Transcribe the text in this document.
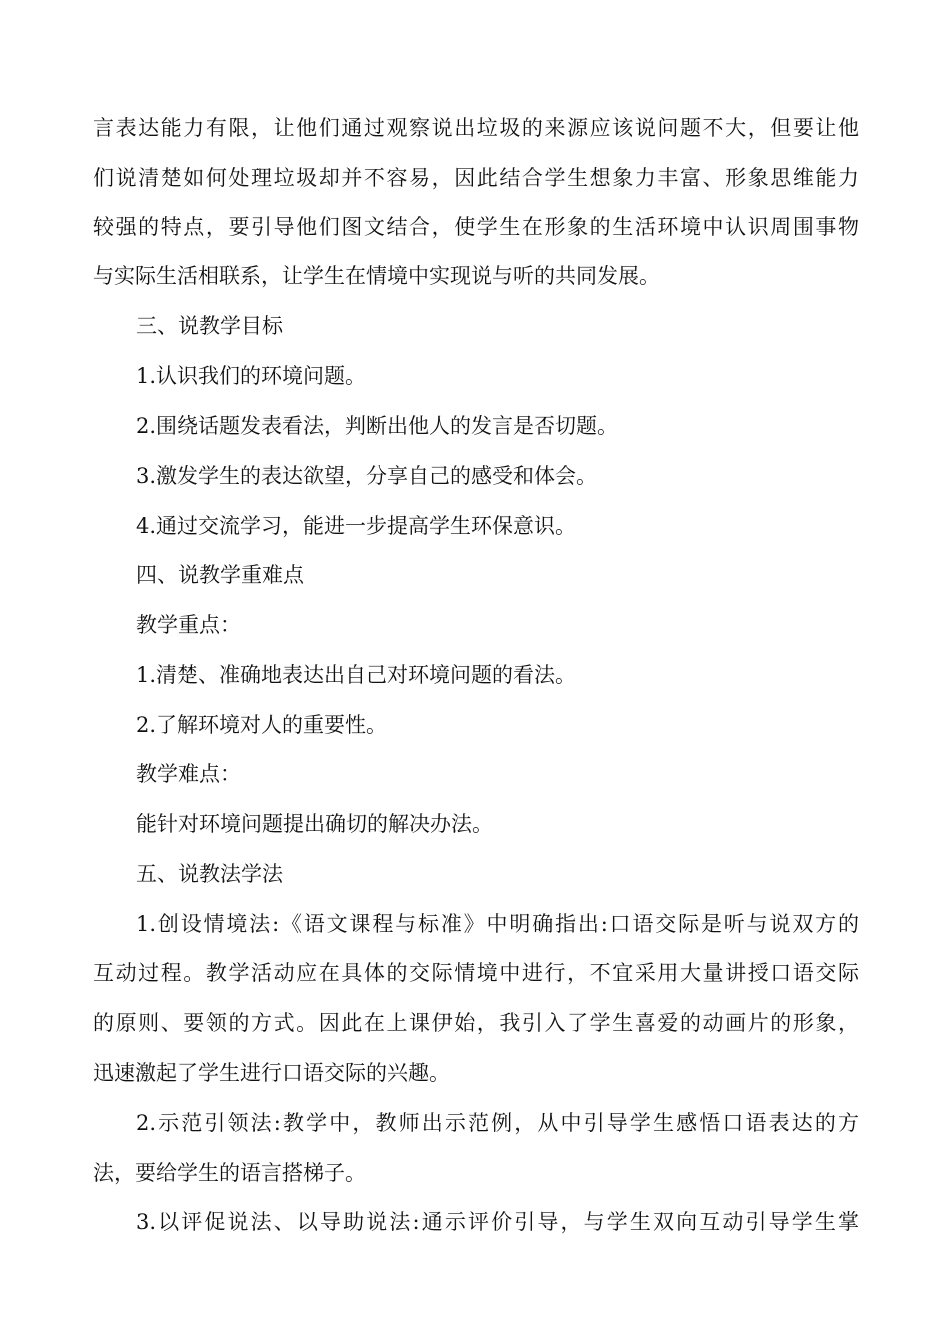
言表达能力有限，让他们通过观察说出垃圾的来源应该说问题不大，但要让他
们说清楚如何处理垃圾却并不容易，因此结合学生想象力丰富、形象思维能力
较强的特点，要引导他们图文结合，使学生在形象的生活环境中认识周围事物
与实际生活相联系，让学生在情境中实现说与听的共同发展。
三、说教学目标
1.认识我们的环境问题。
2.围绕话题发表看法，判断出他人的发言是否切题。
3.激发学生的表达欲望，分享自己的感受和体会。
4.通过交流学习，能进一步提高学生环保意识。
四、说教学重难点
教学重点：
1.清楚、准确地表达出自己对环境问题的看法。
2.了解环境对人的重要性。
教学难点：
能针对环境问题提出确切的解决办法。
五、说教法学法
1.创设情境法:《语文课程与标准》中明确指出:口语交际是听与说双方的
互动过程。教学活动应在具体的交际情境中进行，不宜采用大量讲授口语交际
的原则、要领的方式。因此在上课伊始，我引入了学生喜爱的动画片的形象，
迅速激起了学生进行口语交际的兴趣。
2.示范引领法:教学中，教师出示范例，从中引导学生感悟口语表达的方
法，要给学生的语言搭梯子。
3.以评促说法、以导助说法:通示评价引导，与学生双向互动引导学生掌
